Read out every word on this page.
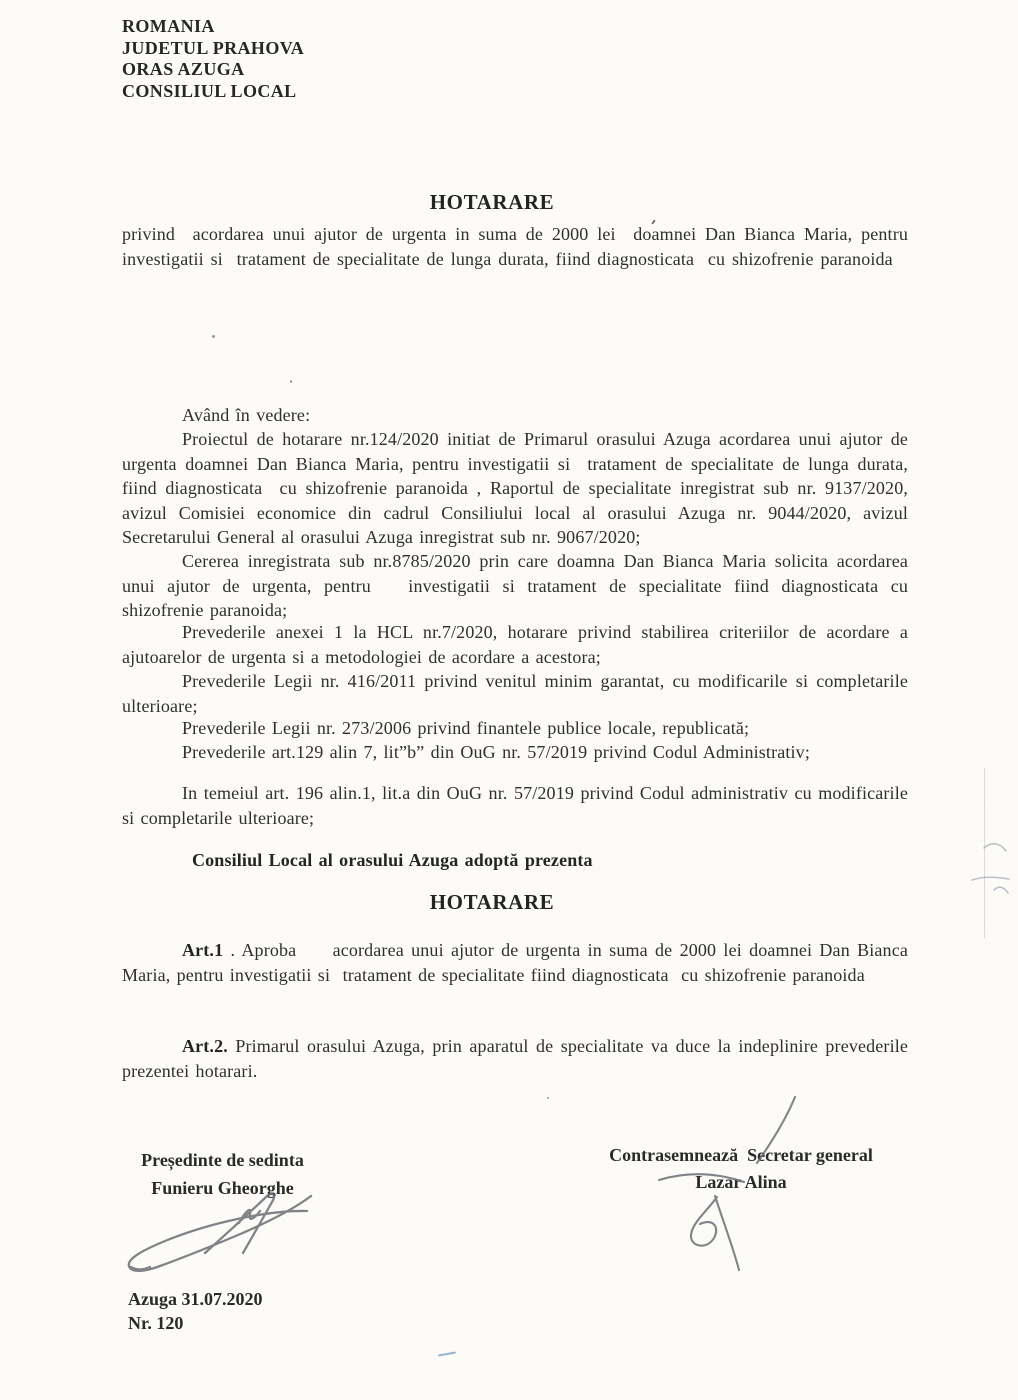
ROMANIA
JUDETUL PRAHOVA
ORAS AZUGA
CONSILIUL LOCAL
HOTARARE
privind  acordarea unui ajutor de urgenta in suma de 2000 lei  doamnei Dan Bianca Maria, pentru investigatii si  tratament de specialitate de lunga durata, fiind diagnosticata  cu shizofrenie paranoida
Având în vedere:

Proiectul de hotarare nr.124/2020 initiat de Primarul orasului Azuga acordarea unui ajutor de urgenta doamnei Dan Bianca Maria, pentru investigatii si  tratament de specialitate de lunga durata, fiind diagnosticata  cu shizofrenie paranoida , Raportul de specialitate inregistrat sub nr. 9137/2020, avizul Comisiei economice din cadrul Consiliului local al orasului Azuga nr. 9044/2020, avizul Secretarului General al orasului Azuga inregistrat sub nr. 9067/2020;

Cererea inregistrata sub nr.8785/2020 prin care doamna Dan Bianca Maria solicita acordarea unui ajutor de urgenta, pentru   investigatii si tratament de specialitate fiind diagnosticata cu shizofrenie paranoida;

Prevederile anexei 1 la HCL nr.7/2020, hotarare privind stabilirea criteriilor de acordare a ajutoarelor de urgenta si a metodologiei de acordare a acestora;

Prevederile Legii nr. 416/2011 privind venitul minim garantat, cu modificarile si completarile ulterioare;

Prevederile Legii nr. 273/2006 privind finantele publice locale, republicată;

Prevederile art.129 alin 7, lit”b” din OuG nr. 57/2019 privind Codul Administrativ;

In temeiul art. 196 alin.1, lit.a din OuG nr. 57/2019 privind Codul administrativ cu modificarile si completarile ulterioare;

Consiliul Local al orasului Azuga adoptă prezenta
HOTARARE

Art.1 . Aproba     acordarea unui ajutor de urgenta in suma de 2000 lei doamnei Dan Bianca Maria, pentru investigatii si  tratament de specialitate fiind diagnosticata  cu shizofrenie paranoida

Art.2. Primarul orasului Azuga, prin aparatul de specialitate va duce la indeplinire prevederile prezentei hotarari.

Președinte de sedinta
Funieru Gheorghe
Contrasemnează  Secretar general
Lazar Alina
Azuga 31.07.2020
Nr. 120
